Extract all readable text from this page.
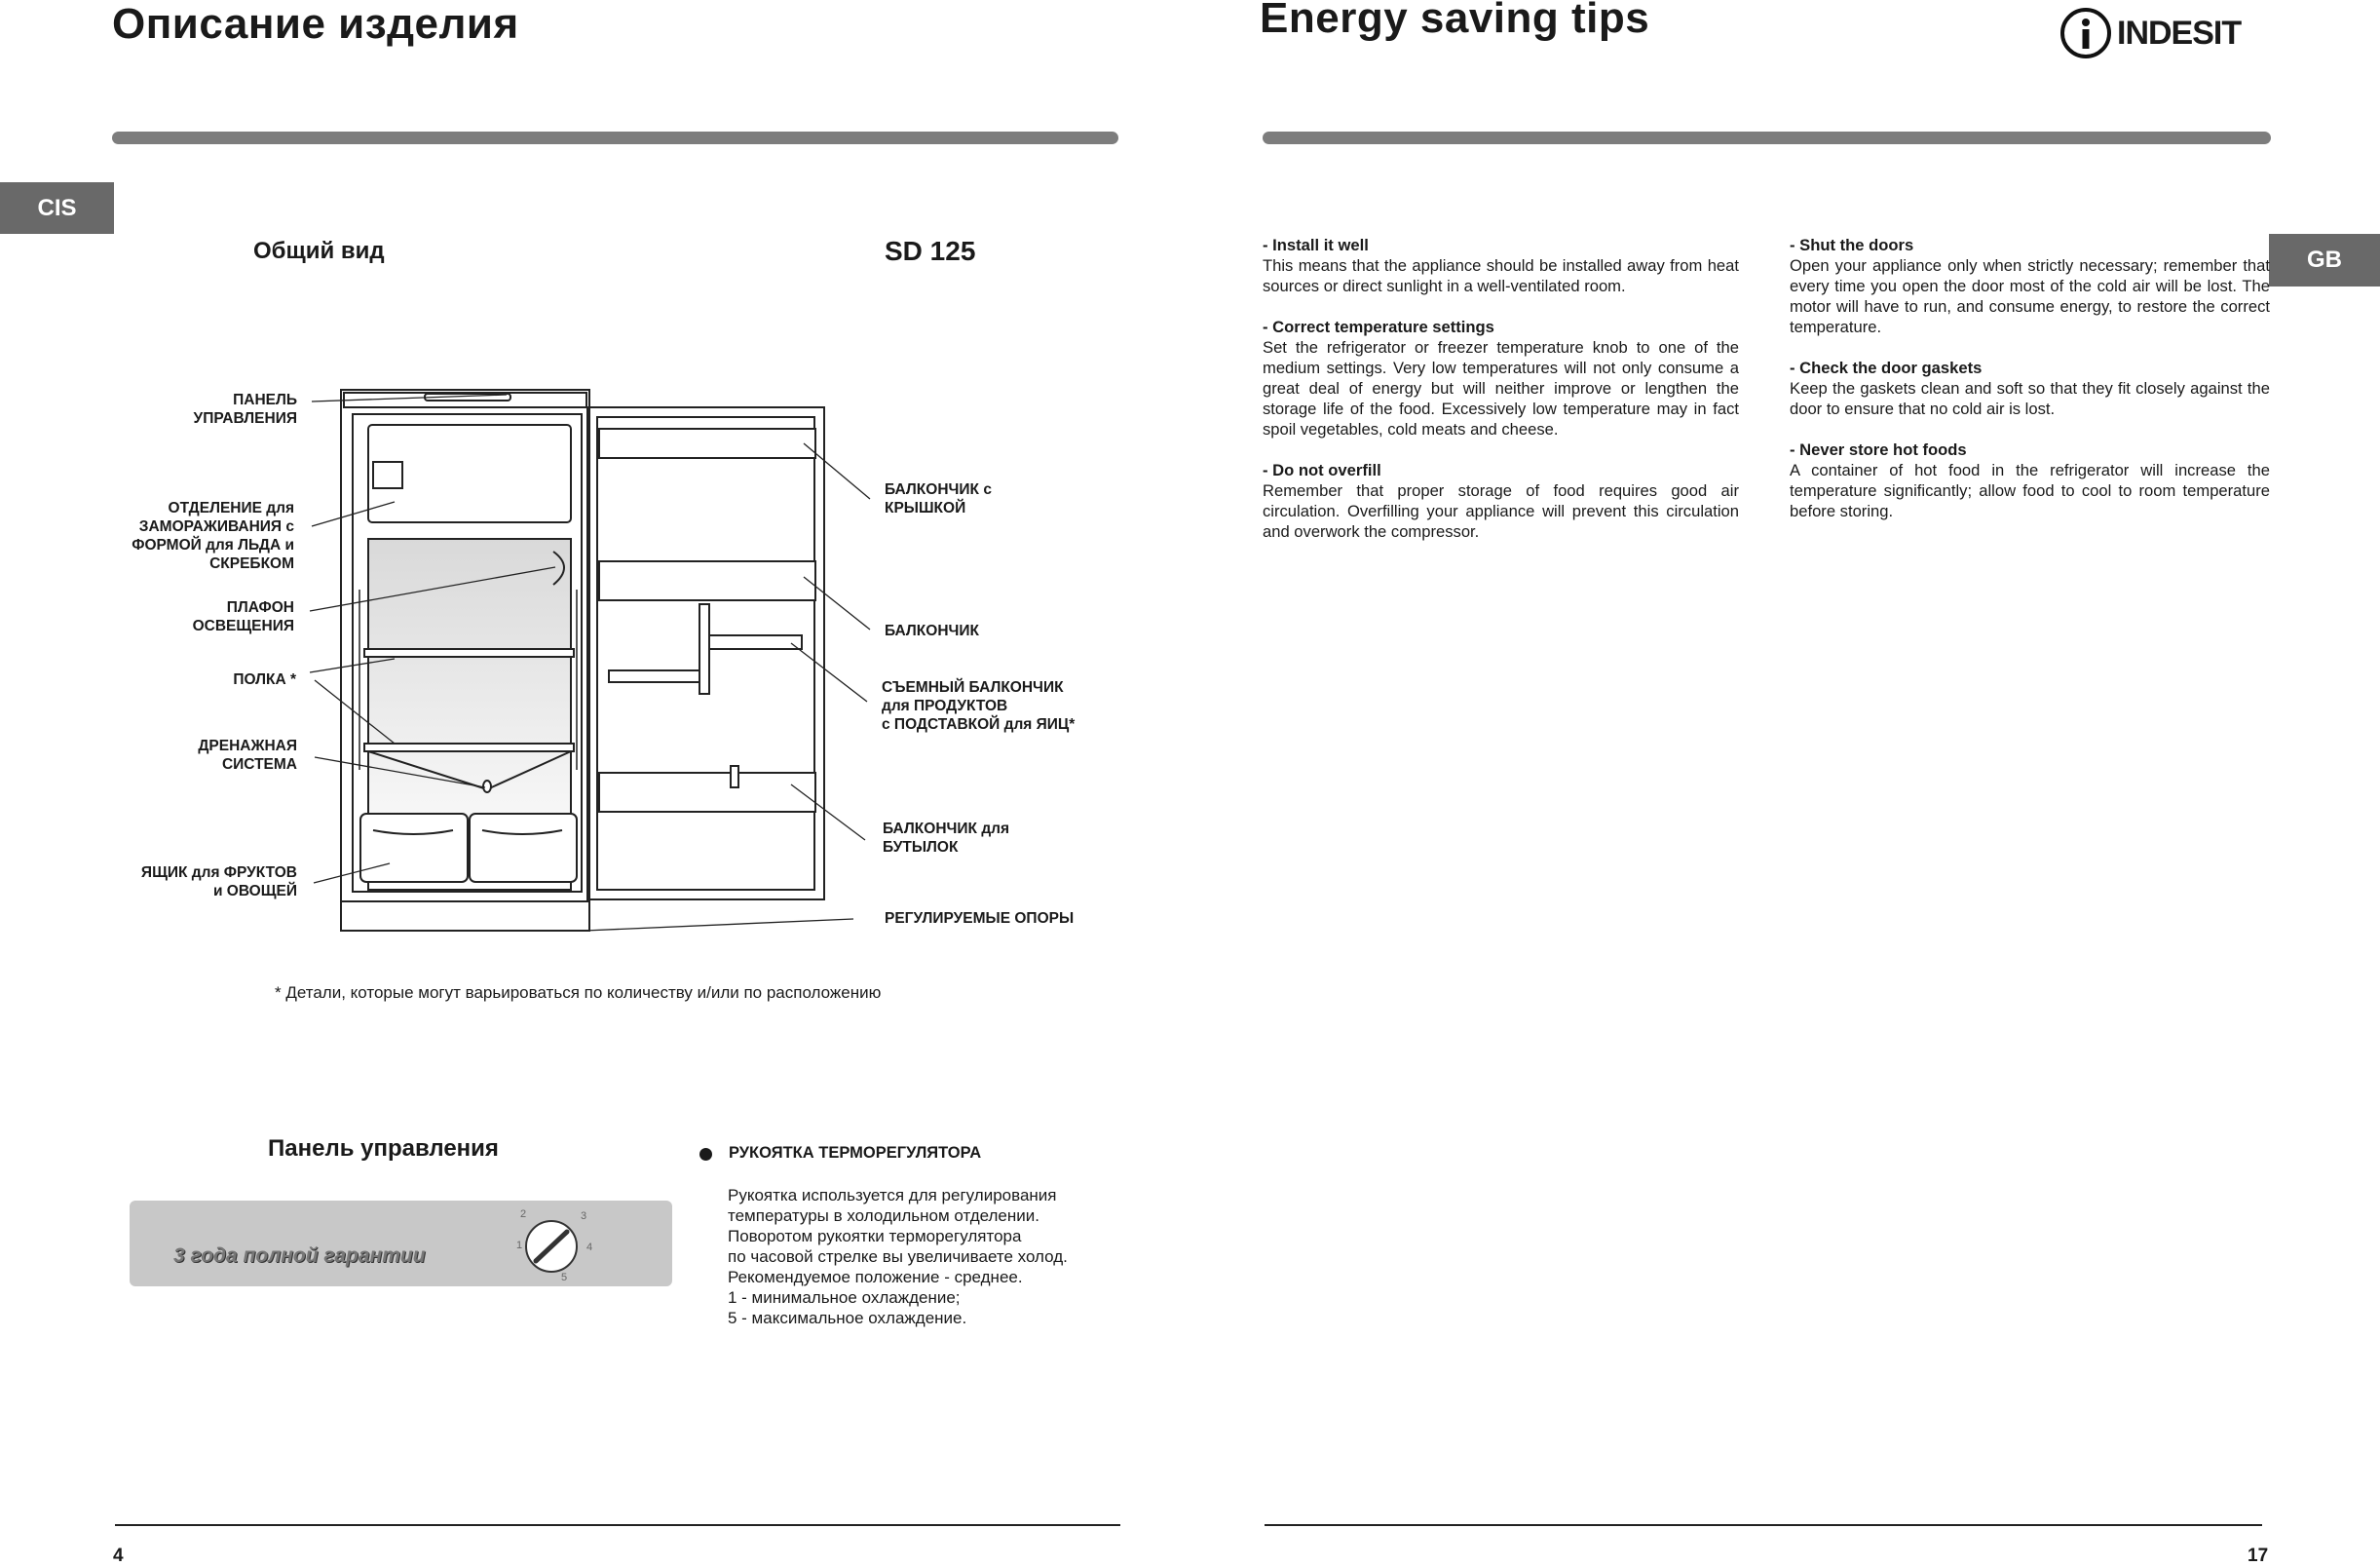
Описание изделия
CIS
Общий вид	SD 125
ПАНЕЛЬ
УПРАВЛЕНИЯ
ОТДЕЛЕНИЕ для
ЗАМОРАЖИВАНИЯ с
ФОРМОЙ для ЛЬДА и
СКРЕБКОМ
ПЛАФОН
ОСВЕЩЕНИЯ
ПОЛКА *
ДРЕНАЖНАЯ
СИСТЕМА
ЯЩИК для ФРУКТОВ
и ОВОЩЕЙ
БАЛКОНЧИК с
КРЫШКОЙ
БАЛКОНЧИК
СЪЕМНЫЙ БАЛКОНЧИК
для ПРОДУКТОВ
с ПОДСТАВКОЙ для ЯИЦ*
БАЛКОНЧИК для
БУТЫЛОК
РЕГУЛИРУЕМЫЕ ОПОРЫ
* Детали, которые могут варьироваться по количеству и/или по расположению
Панель управления
3 года полной гарантии	1
2	3
4
5
РУКОЯТКА ТЕРМОРЕГУЛЯТОРА
Рукоятка используется для регулирования
температуры в холодильном отделении.
Поворотом рукоятки терморегулятора
по часовой стрелке вы увеличиваете холод.
Рекомендуемое положение - среднее.
1 - минимальное охлаждение;
5 - максимальное охлаждение.
4
Energy saving tips	INDESIT
GB
- Install it well
This means that the appliance should be installed away from heat sources or direct sunlight in a well-ventilated room.
- Correct temperature settings
Set the refrigerator or freezer temperature knob to one of the medium settings. Very low temperatures will not only consume a great deal of energy but will neither improve or lengthen the storage life of the food. Excessively low temperature may in fact spoil vegetables, cold meats and cheese.
- Do not overfill
Remember that proper storage of food requires good air circulation. Overfilling your appliance will prevent this circulation and overwork the compressor.
- Shut the doors
Open your appliance only when strictly necessary; remember that every time you open the door most of the cold air will be lost. The motor will have to run, and consume energy, to restore the correct temperature.
- Check the door gaskets
Keep the gaskets clean and soft so that they fit closely against the door to ensure that no cold air is lost.
- Never store hot foods
A container of hot food in the refrigerator will increase the temperature significantly; allow food to cool to room temperature before storing.
17
